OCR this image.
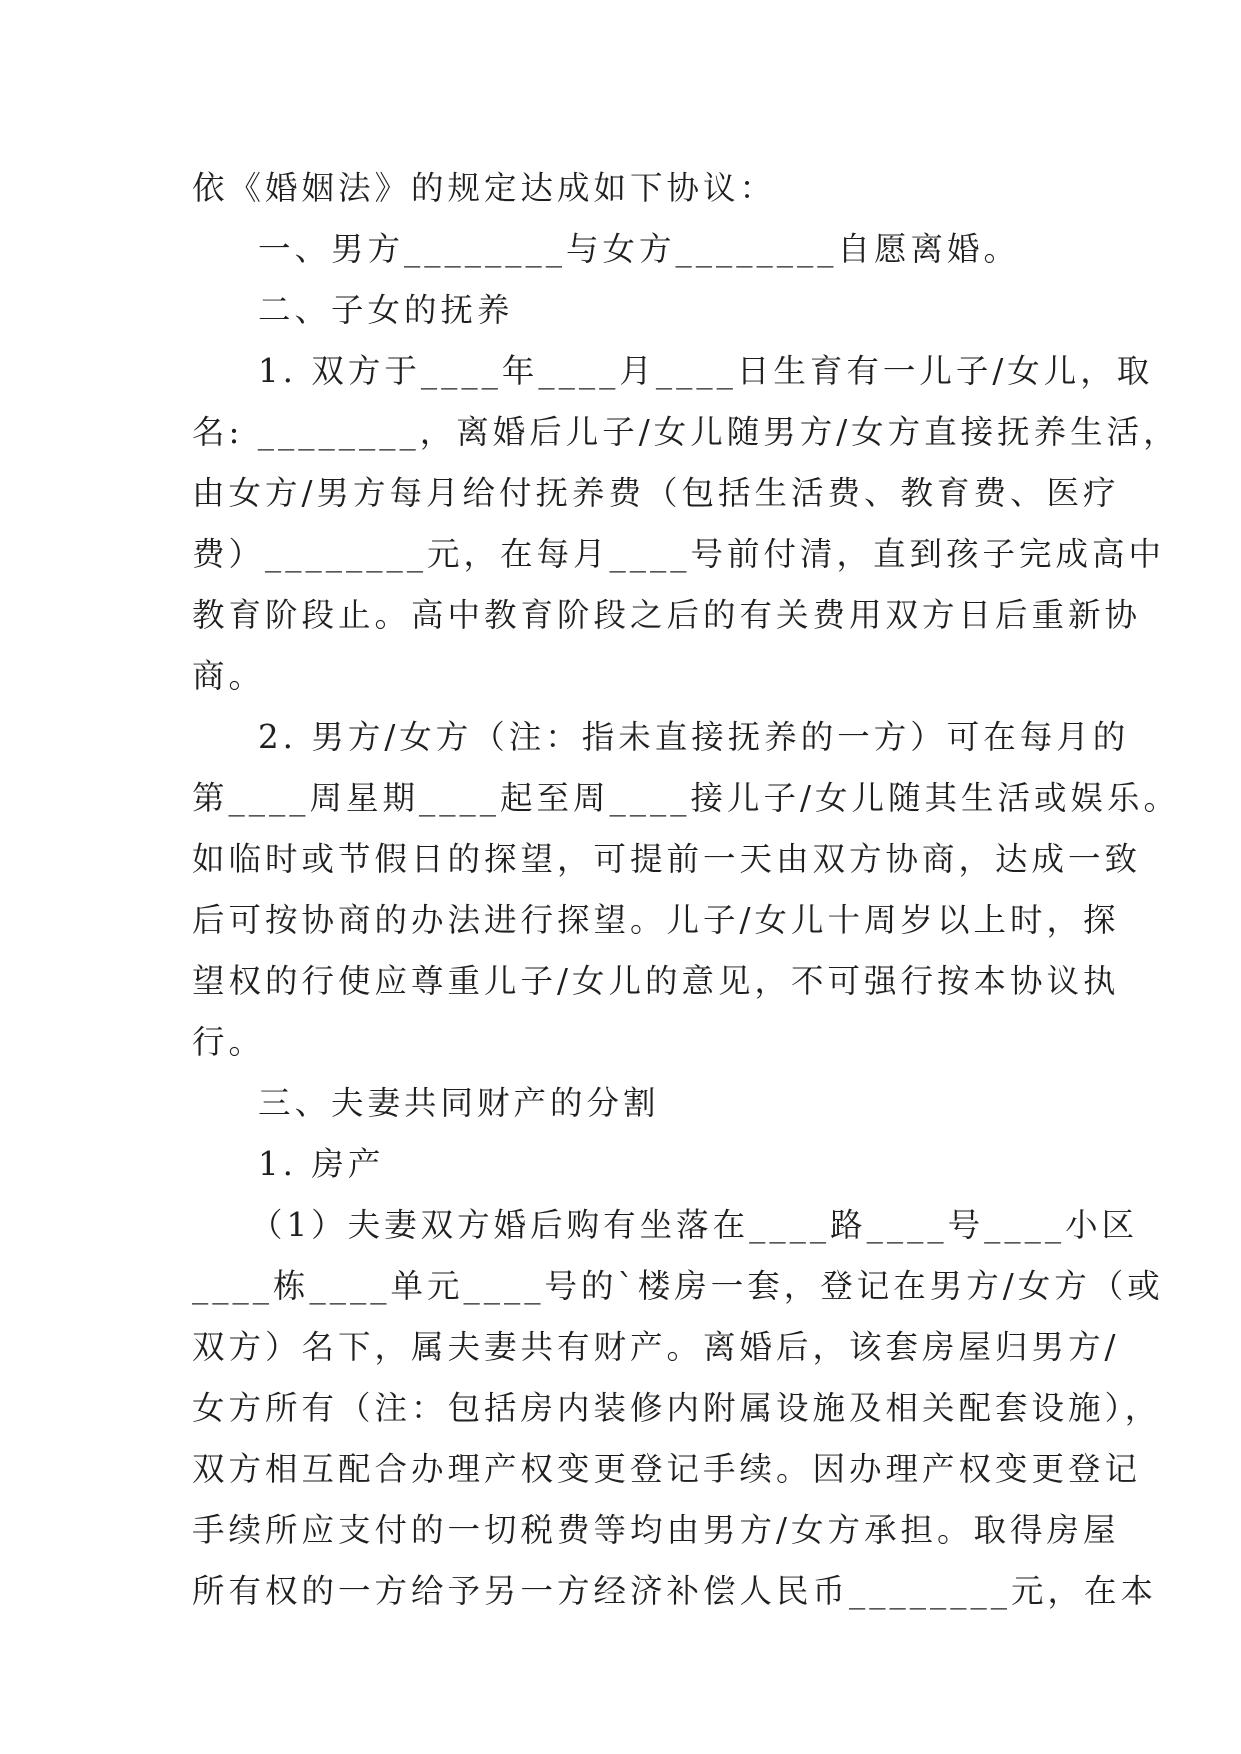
依《婚姻法》的规定达成如下协议：
一、男方________与女方________自愿离婚。
二、子女的抚养
1. 双方于____年____月____日生育有一儿子/女儿，取
名: ________，离婚后儿子/女儿随男方/女方直接抚养生活，
由女方/男方每月给付抚养费（包括生活费、教育费、医疗
费）________元，在每月____号前付清，直到孩子完成高中
教育阶段止。高中教育阶段之后的有关费用双方日后重新协
商。
2. 男方/女方（注：指未直接抚养的一方）可在每月的
第____周星期____起至周____接儿子/女儿随其生活或娱乐。
如临时或节假日的探望，可提前一天由双方协商，达成一致
后可按协商的办法进行探望。儿子/女儿十周岁以上时，探
望权的行使应尊重儿子/女儿的意见，不可强行按本协议执
行。
三、夫妻共同财产的分割
1. 房产
（1）夫妻双方婚后购有坐落在____路____号____小区
____栋____单元____号的`楼房一套，登记在男方/女方（或
双方）名下，属夫妻共有财产。离婚后，该套房屋归男方/
女方所有（注：包括房内装修内附属设施及相关配套设施），
双方相互配合办理产权变更登记手续。因办理产权变更登记
手续所应支付的一切税费等均由男方/女方承担。取得房屋
所有权的一方给予另一方经济补偿人民币________元，在本
